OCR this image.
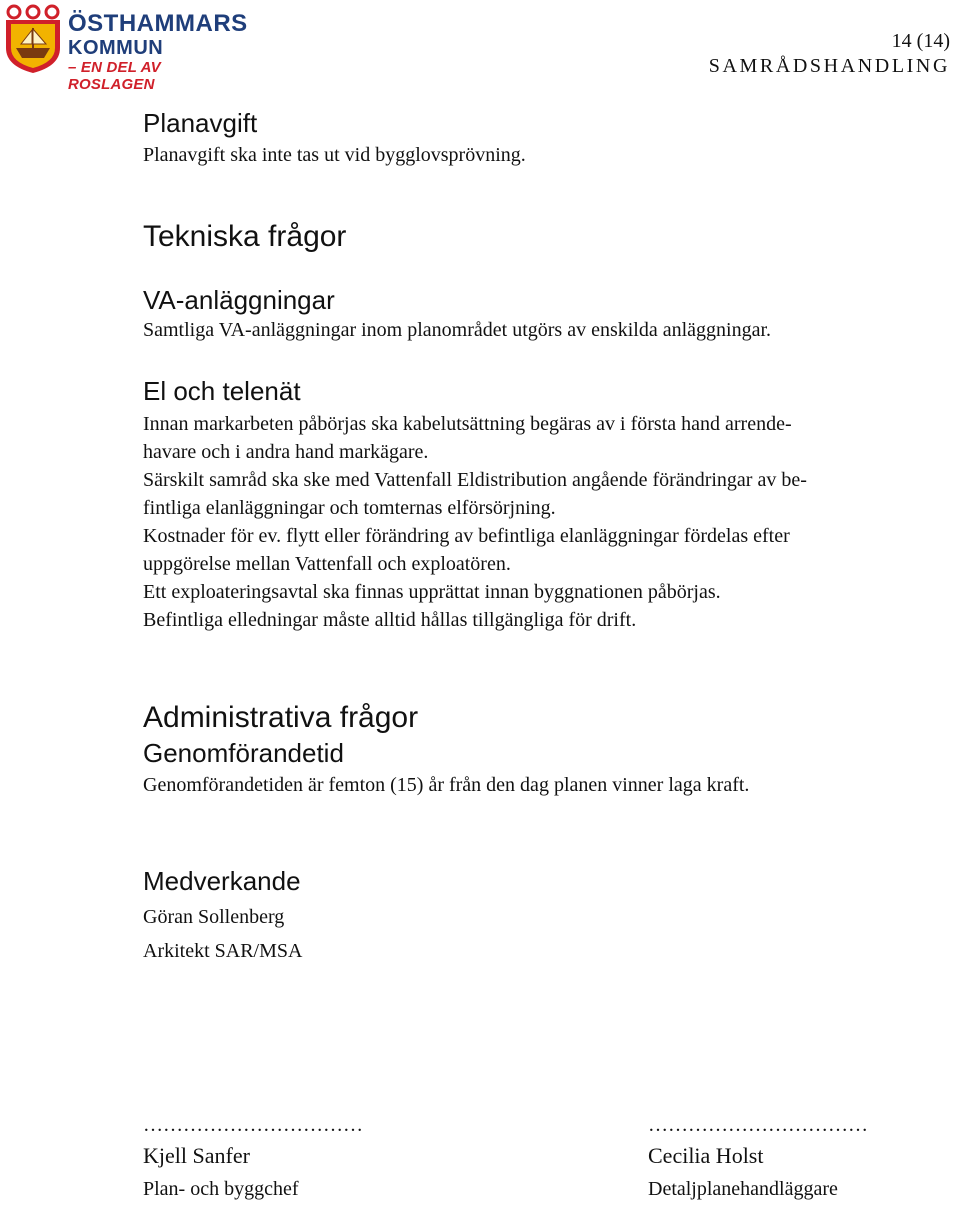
ÖSTHAMMARS
KOMMUN
– EN DEL AV ROSLAGEN
14 (14)
SAMRÅDSHANDLING
Planavgift
Planavgift ska inte tas ut vid bygglovsprövning.
Tekniska frågor
VA-anläggningar
Samtliga VA-anläggningar inom planområdet utgörs av enskilda anläggningar.
El och telenät
Innan markarbeten påbörjas ska kabelutsättning begäras av i första hand arrende-
havare och i andra hand markägare.
Särskilt samråd ska ske med Vattenfall Eldistribution angående förändringar av be-
fintliga elanläggningar och tomternas elförsörjning.
Kostnader för ev. flytt eller förändring av befintliga elanläggningar fördelas efter
uppgörelse mellan Vattenfall och exploatören.
Ett exploateringsavtal ska finnas upprättat innan byggnationen påbörjas.
Befintliga elledningar måste alltid hållas tillgängliga för drift.
Administrativa frågor
Genomförandetid
Genomförandetiden är femton (15) år från den dag planen vinner laga kraft.
Medverkande
Göran Sollenberg
Arkitekt SAR/MSA
……………………………
Kjell Sanfer
Plan- och byggchef
……………………………
Cecilia Holst
Detaljplanehandläggare
